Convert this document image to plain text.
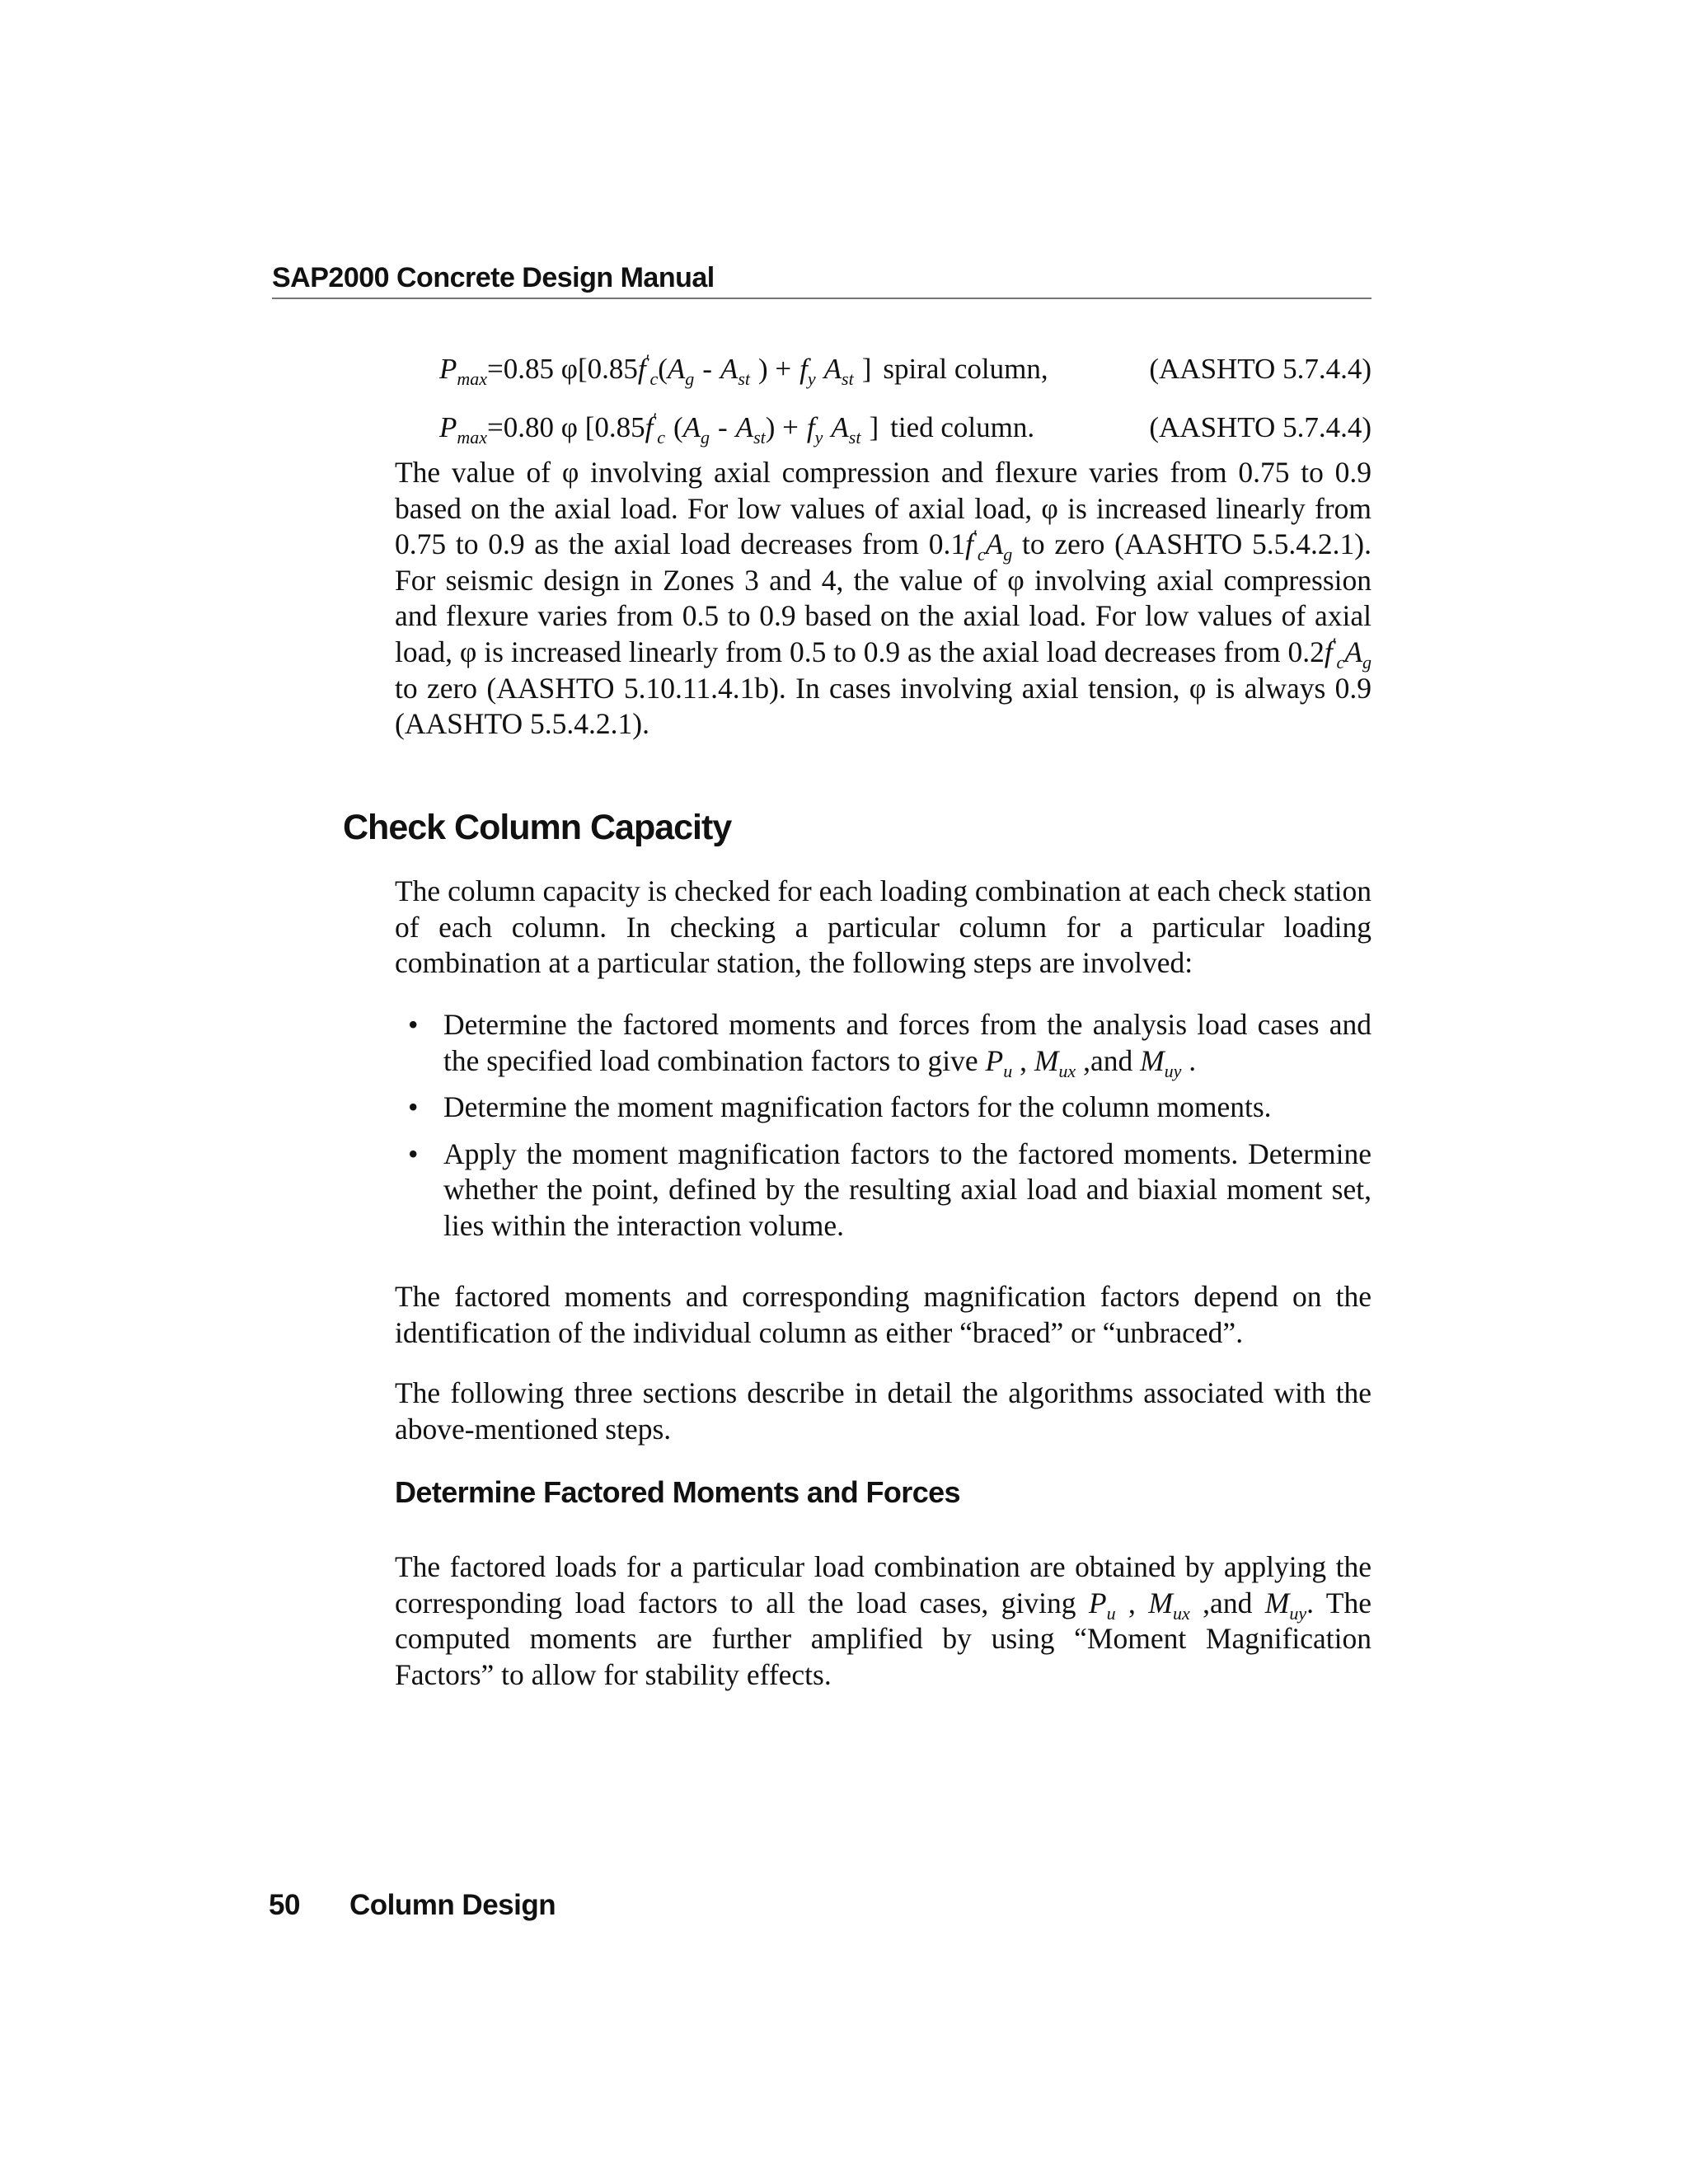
SAP2000 Concrete Design Manual
$P_{max}=0.85$ $\varphi[0.85f'_c(A_g - A_{st}$ ) + $f_y$ $A_{st}$ ] spiral column,	(AASHTO 5.7.4.4)
$P_{max}=0.80$ φ [$0.85f'_c$ $(A_g - A_{st}) + f_y$ $A_{st}$ ] tied column.	(AASHTO 5.7.4.4)

The value of φ involving axial compression and flexure varies from 0.75 to 0.9 based on the axial load. For low values of axial load, φ is increased linearly from 0.75 to 0.9 as the axial load decreases from $0.1f'_cA_g$ to zero (AASHTO 5.5.4.2.1). For seismic design in Zones 3 and 4, the value of φ involving axial compression and flexure varies from 0.5 to 0.9 based on the axial load. For low values of axial load, φ is increased linearly from 0.5 to 0.9 as the axial load decreases from $0.2f'_cA_g$ to zero (AASHTO 5.10.11.4.1b). In cases involving axial tension, φ is always 0.9 (AASHTO 5.5.4.2.1).

Check Column Capacity

The column capacity is checked for each loading combination at each check station of each column. In checking a particular column for a particular loading combination at a particular station, the following steps are involved:

• Determine the factored moments and forces from the analysis load cases and the specified load combination factors to give $P_u$ , $M_{ux}$ ,and $M_{uy}$ .
• Determine the moment magnification factors for the column moments.
• Apply the moment magnification factors to the factored moments. Determine whether the point, defined by the resulting axial load and biaxial moment set, lies within the interaction volume.

The factored moments and corresponding magnification factors depend on the identification of the individual column as either “braced” or “unbraced”.

The following three sections describe in detail the algorithms associated with the above-mentioned steps.

Determine Factored Moments and Forces

The factored loads for a particular load combination are obtained by applying the corresponding load factors to all the load cases, giving $P_u$ , $M_{ux}$ ,and $M_{uy}$. The computed moments are further amplified by using “Moment Magnification Factors” to allow for stability effects.

50 Column Design
